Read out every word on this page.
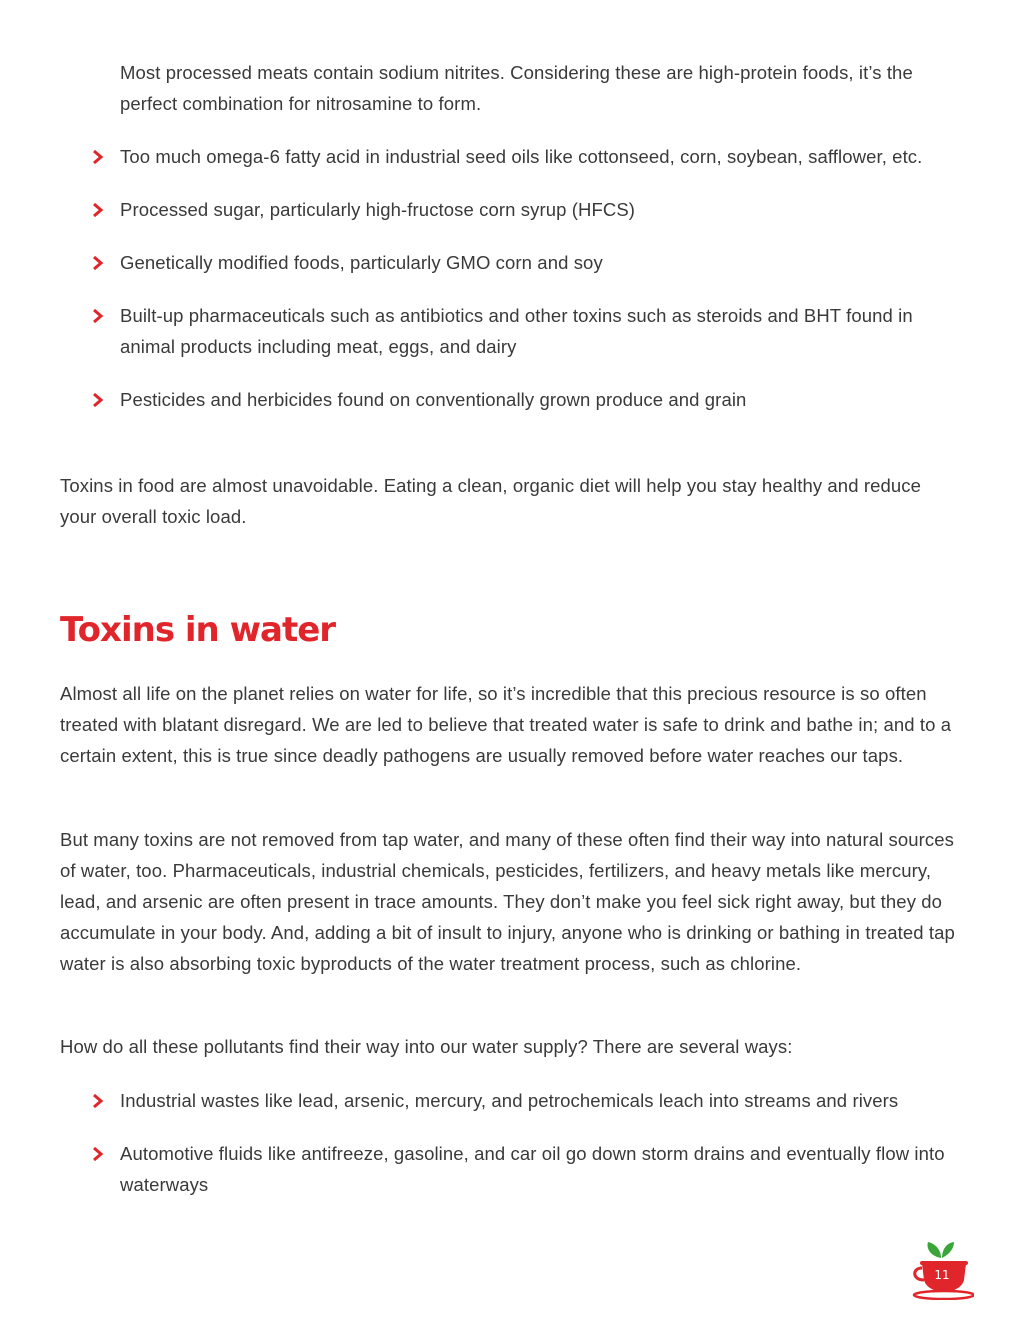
Most processed meats contain sodium nitrites. Considering these are high-protein foods, it’s the perfect combination for nitrosamine to form.

Too much omega-6 fatty acid in industrial seed oils like cottonseed, corn, soybean, safflower, etc.
Processed sugar, particularly high-fructose corn syrup (HFCS)
Genetically modified foods, particularly GMO corn and soy
Built-up pharmaceuticals such as antibiotics and other toxins such as steroids and BHT found in animal products including meat, eggs, and dairy
Pesticides and herbicides found on conventionally grown produce and grain

Toxins in food are almost unavoidable. Eating a clean, organic diet will help you stay healthy and reduce your overall toxic load.

Toxins in water

Almost all life on the planet relies on water for life, so it’s incredible that this precious resource is so often treated with blatant disregard. We are led to believe that treated water is safe to drink and bathe in; and to a certain extent, this is true since deadly pathogens are usually removed before water reaches our taps.

But many toxins are not removed from tap water, and many of these often find their way into natural sources of water, too. Pharmaceuticals, industrial chemicals, pesticides, fertilizers, and heavy metals like mercury, lead, and arsenic are often present in trace amounts. They don’t make you feel sick right away, but they do accumulate in your body. And, adding a bit of insult to injury, anyone who is drinking or bathing in treated tap water is also absorbing toxic byproducts of the water treatment process, such as chlorine.

How do all these pollutants find their way into our water supply? There are several ways:

Industrial wastes like lead, arsenic, mercury, and petrochemicals leach into streams and rivers
Automotive fluids like antifreeze, gasoline, and car oil go down storm drains and eventually flow into waterways
11
